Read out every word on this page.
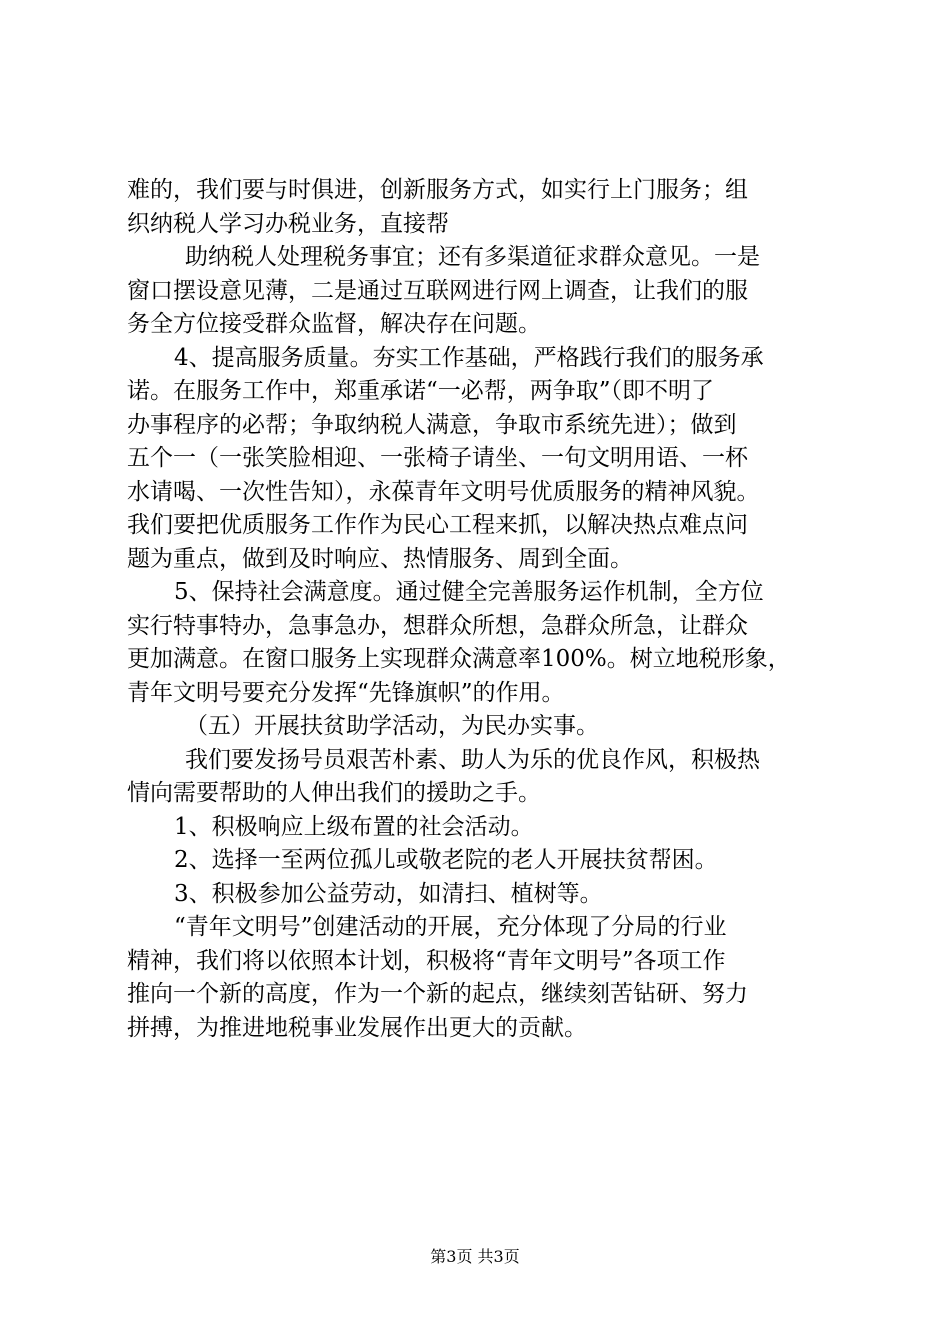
难的，我们要与时俱进，创新服务方式，如实行上门服务；组
织纳税人学习办税业务，直接帮
助纳税人处理税务事宜；还有多渠道征求群众意见。一是
窗口摆设意见薄，二是通过互联网进行网上调查，让我们的服
务全方位接受群众监督，解决存在问题。
4、提高服务质量。夯实工作基础，严格践行我们的服务承
诺。在服务工作中，郑重承诺“一必帮，两争取”（即不明了
办事程序的必帮；争取纳税人满意，争取市系统先进）；做到
五个一（一张笑脸相迎、一张椅子请坐、一句文明用语、一杯
水请喝、一次性告知），永葆青年文明号优质服务的精神风貌。
我们要把优质服务工作作为民心工程来抓，以解决热点难点问
题为重点，做到及时响应、热情服务、周到全面。
5、保持社会满意度。通过健全完善服务运作机制，全方位
实行特事特办，急事急办，想群众所想，急群众所急，让群众
更加满意。在窗口服务上实现群众满意率100%。树立地税形象，
青年文明号要充分发挥“先锋旗帜”的作用。
（五）开展扶贫助学活动，为民办实事。
我们要发扬号员艰苦朴素、助人为乐的优良作风，积极热
情向需要帮助的人伸出我们的援助之手。
1、积极响应上级布置的社会活动。
2、选择一至两位孤儿或敬老院的老人开展扶贫帮困。
3、积极参加公益劳动，如清扫、植树等。
“青年文明号”创建活动的开展，充分体现了分局的行业
精神，我们将以依照本计划，积极将“青年文明号”各项工作
推向一个新的高度，作为一个新的起点，继续刻苦钻研、努力
拼搏，为推进地税事业发展作出更大的贡献。
第3页 共3页
